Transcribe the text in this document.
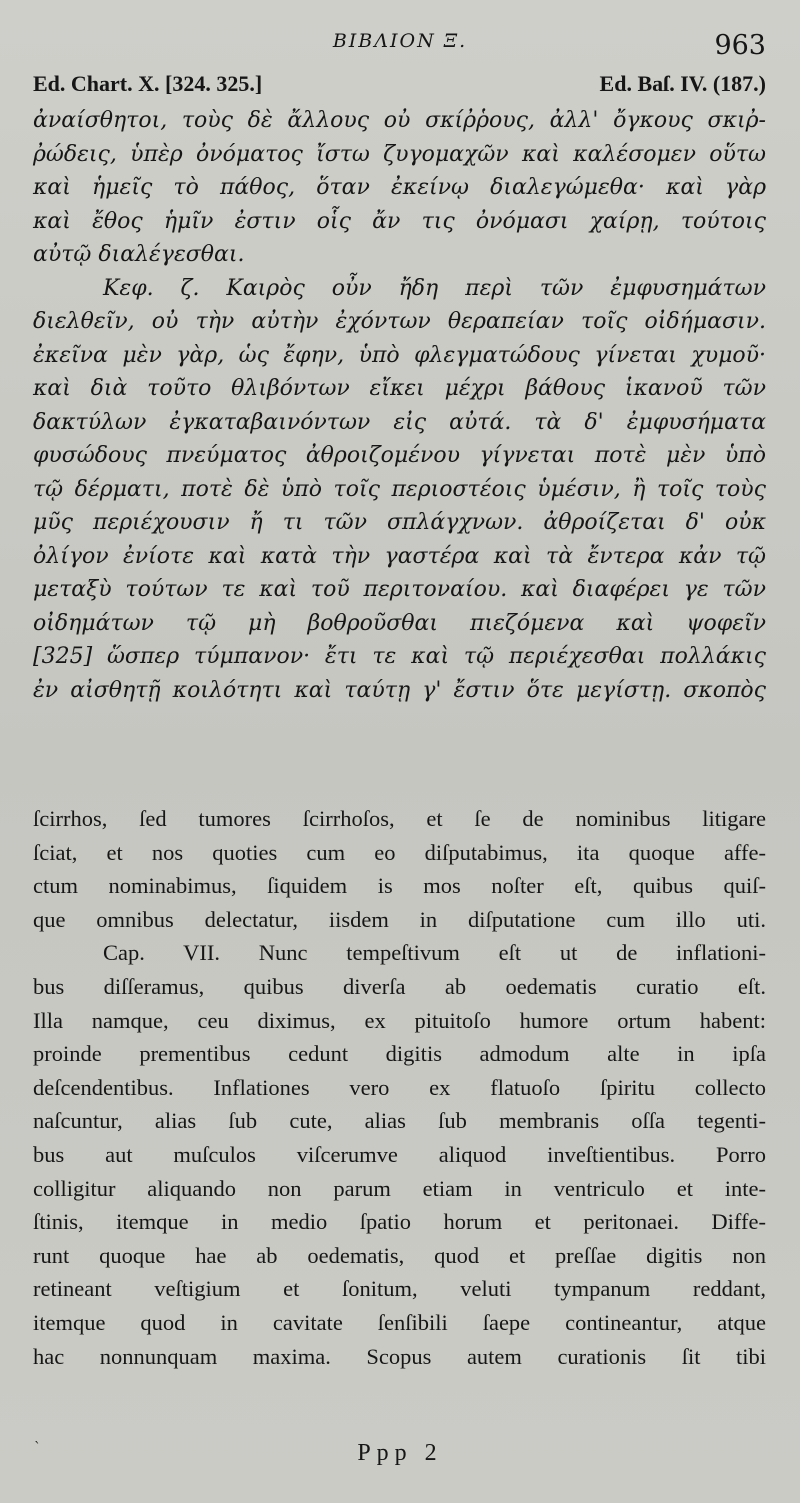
ΒΙΒΛΙΟΝ Ξ.	963
Ed. Chart. X. [324. 325.]	Ed. Baſ. IV. (187.)
ἀναίσθητοι, τοὺς δὲ ἄλλους οὐ σκίῤῥους, ἀλλ' ὄγκους σκιῤ-
ῤώδεις, ὑπὲρ ὀνόματος ἴστω ζυγομαχῶν καὶ καλέσομεν οὕτω
καὶ ἡμεῖς τὸ πάθος, ὅταν ἐκείνῳ διαλεγώμεθα· καὶ γὰρ
καὶ ἔθος ἡμῖν ἐστιν οἷς ἄν τις ὀνόμασι χαίρῃ, τούτοις
αὐτῷ διαλέγεσθαι.
Κεφ. ζ. Καιρὸς οὖν ἤδη περὶ τῶν ἐμφυσημάτων
διελθεῖν, οὐ τὴν αὐτὴν ἐχόντων θεραπείαν τοῖς οἰδήμασιν.
ἐκεῖνα μὲν γὰρ, ὡς ἔφην, ὑπὸ φλεγματώδους γίνεται χυμοῦ·
καὶ διὰ τοῦτο θλιβόντων εἴκει μέχρι βάθους ἱκανοῦ τῶν
δακτύλων ἐγκαταβαινόντων εἰς αὐτά. τὰ δ' ἐμφυσήματα
φυσώδους πνεύματος ἀθροιζομένου γίγνεται ποτὲ μὲν ὑπὸ
τῷ δέρματι, ποτὲ δὲ ὑπὸ τοῖς περιοστέοις ὑμέσιν, ἢ τοῖς τοὺς
μῦς περιέχουσιν ἤ τι τῶν σπλάγχνων. ἀθροίζεται δ' οὐκ
ὀλίγον ἐνίοτε καὶ κατὰ τὴν γαστέρα καὶ τὰ ἔντερα κἀν τῷ
μεταξὺ τούτων τε καὶ τοῦ περιτοναίου. καὶ διαφέρει γε τῶν
οἰδημάτων τῷ μὴ βοθροῦσθαι πιεζόμενα καὶ ψοφεῖν
[325] ὥσπερ τύμπανον· ἔτι τε καὶ τῷ περιέχεσθαι πολλάκις
ἐν αἰσθητῇ κοιλότητι καὶ ταύτῃ γ' ἔστιν ὅτε μεγίστῃ. σκοπὸς
ſcirrhos, ſed tumores ſcirrhoſos, et ſe de nominibus litigare
ſciat, et nos quoties cum eo diſputabimus, ita quoque affe-
ctum nominabimus, ſiquidem is mos noſter eſt, quibus quiſ-
que omnibus delectatur, iisdem in diſputatione cum illo uti.
Cap. VII. Nunc tempeſtivum eſt ut de inflationi-
bus diſſeramus, quibus diverſa ab oedematis curatio eſt.
Illa namque, ceu diximus, ex pituitoſo humore ortum habent:
proinde prementibus cedunt digitis admodum alte in ipſa
deſcendentibus. Inflationes vero ex flatuoſo ſpiritu collecto
naſcuntur, alias ſub cute, alias ſub membranis oſſa tegenti-
bus aut muſculos viſcerumve aliquod inveſtientibus. Porro
colligitur aliquando non parum etiam in ventriculo et inte-
ſtinis, itemque in medio ſpatio horum et peritonaei. Diffe-
runt quoque hae ab oedematis, quod et preſſae digitis non
retineant veſtigium et ſonitum, veluti tympanum reddant,
itemque quod in cavitate ſenſibili ſaepe contineantur, atque
hac nonnunquam maxima. Scopus autem curationis ſit tibi
`	Ppp 2
